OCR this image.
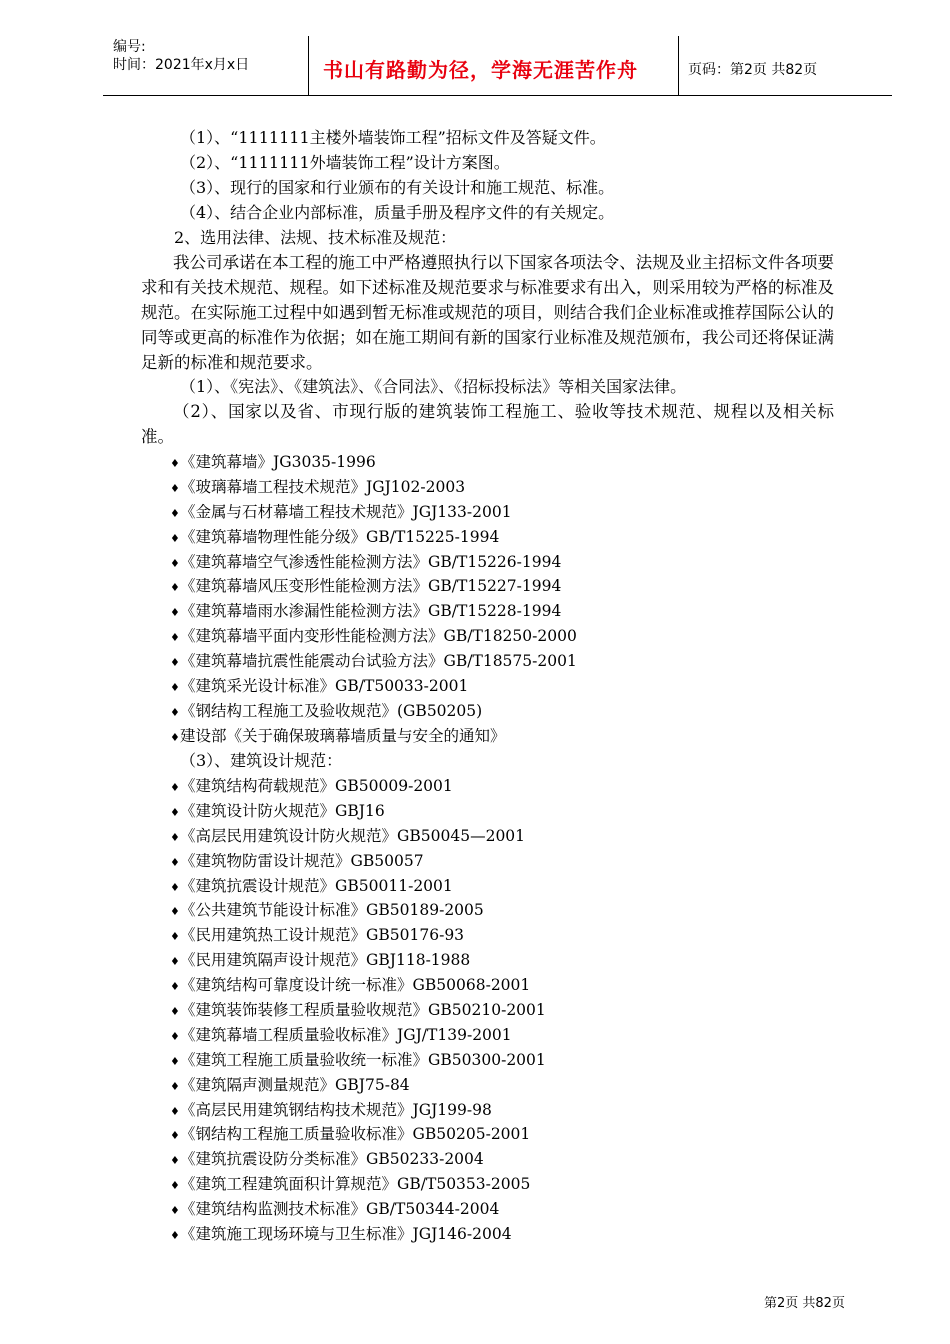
编号:
时间：2021年x月x日	书山有路勤为径，学海无涯苦作舟	页码：第2页 共82页
（1）、“1111111主楼外墙装饰工程”招标文件及答疑文件。
（2）、“1111111外墙装饰工程”设计方案图。
（3）、现行的国家和行业颁布的有关设计和施工规范、标准。
（4）、结合企业内部标准，质量手册及程序文件的有关规定。
2、选用法律、法规、技术标准及规范：
我公司承诺在本工程的施工中严格遵照执行以下国家各项法令、法规及业主招标文件各项要求和有关技术规范、规程。如下述标准及规范要求与标准要求有出入，则采用较为严格的标准及规范。在实际施工过程中如遇到暂无标准或规范的项目，则结合我们企业标准或推荐国际公认的同等或更高的标准作为依据；如在施工期间有新的国家行业标准及规范颁布，我公司还将保证满足新的标准和规范要求。
（1）、《宪法》、《建筑法》、《合同法》、《招标投标法》等相关国家法律。
（2）、国家以及省、市现行版的建筑装饰工程施工、验收等技术规范、规程以及相关标准。
♦《建筑幕墙》JG3035-1996
♦《玻璃幕墙工程技术规范》JGJ102-2003
♦《金属与石材幕墙工程技术规范》JGJ133-2001
♦《建筑幕墙物理性能分级》GB/T15225-1994
♦《建筑幕墙空气渗透性能检测方法》GB/T15226-1994
♦《建筑幕墙风压变形性能检测方法》GB/T15227-1994
♦《建筑幕墙雨水渗漏性能检测方法》GB/T15228-1994
♦《建筑幕墙平面内变形性能检测方法》GB/T18250-2000
♦《建筑幕墙抗震性能震动台试验方法》GB/T18575-2001
♦《建筑采光设计标准》GB/T50033-2001
♦《钢结构工程施工及验收规范》(GB50205)
♦建设部《关于确保玻璃幕墙质量与安全的通知》
（3）、建筑设计规范：
♦《建筑结构荷载规范》GB50009-2001
♦《建筑设计防火规范》GBJ16
♦《高层民用建筑设计防火规范》GB50045—2001
♦《建筑物防雷设计规范》GB50057
♦《建筑抗震设计规范》GB50011-2001
♦《公共建筑节能设计标准》GB50189-2005
♦《民用建筑热工设计规范》GB50176-93
♦《民用建筑隔声设计规范》GBJ118-1988
♦《建筑结构可靠度设计统一标准》GB50068-2001
♦《建筑装饰装修工程质量验收规范》GB50210-2001
♦《建筑幕墙工程质量验收标准》JGJ/T139-2001
♦《建筑工程施工质量验收统一标准》GB50300-2001
♦《建筑隔声测量规范》GBJ75-84
♦《高层民用建筑钢结构技术规范》JGJ199-98
♦《钢结构工程施工质量验收标准》GB50205-2001
♦《建筑抗震设防分类标准》GB50233-2004
♦《建筑工程建筑面积计算规范》GB/T50353-2005
♦《建筑结构监测技术标准》GB/T50344-2004
♦《建筑施工现场环境与卫生标准》JGJ146-2004
第2页 共82页
